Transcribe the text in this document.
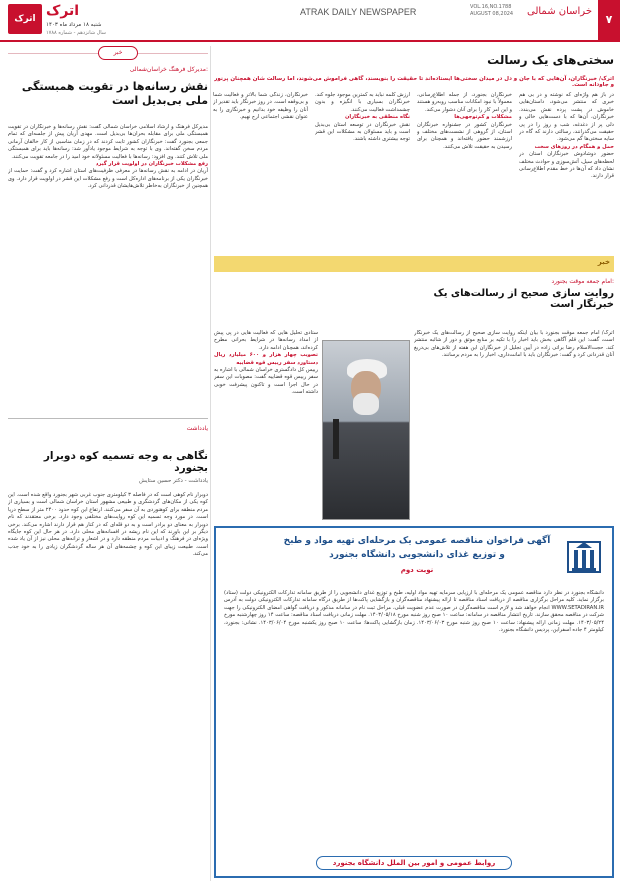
۷
خراسان شمالی
VOL.16,NO.1788
AUGUST 08,2024
ATRAK DAILY NEWSPAPER
اترک اترک
شنبه ۱۸ مرداد ماه ۱۴۰۳
سال شانزدهم - شماره ۱۷۸۸
خبر
مدیرکل فرهنگ خراسان‌شمالی:
نقش رسانه‌ها در تقویت همبستگی ملی بی‌بدیل است

مدیرکل فرهنگ و ارشاد اسلامی خراسان شمالی گفت: نقش رسانه‌ها و خبرنگاران در تقویت همبستگی ملی برای مقابله بحران‌ها بی‌بدیل است. مهدی آریان پیش از جلسه‌ای که تمام جمعی بجنورد گفت: خبرنگاران کشور ثابت کردند که در زمان مناسبی از کار خالقان آرمانی مردم سخن گفته‌اند. وی با توجه به شرایط موجود یادآور شد: رسانه‌ها باید برای همبستگی ملی تلاش کنند. وی افزود: رسانه‌ها با فعالیت مسئولانه خود امید را در جامعه تقویت می‌کنند.

رفع مشکلات خبرنگاران در اولویت قرار گیرد

آریان در ادامه به نقش رسانه‌ها در معرفی ظرفیت‌های استان اشاره کرد و گفت: حمایت از خبرنگاران یکی از برنامه‌های اداره‌کل است و رفع مشکلات این قشر در اولویت قرار دارد. وی همچنین از خبرنگاران به‌خاطر تلاش‌هایشان قدردانی کرد.

یادداشت
نگاهی به وجه تسمیه کوه دوبرار بجنورد
یادداشت - دکتر حسین ستایش

دوبرار نام کوهی است که در فاصله ۳ کیلومتری جنوب غربی شهر بجنورد واقع شده است. این کوه یکی از مکان‌های گردشگری و طبیعی مشهور استان خراسان شمالی است و بسیاری از مردم منطقه برای کوهنوردی به آن سفر می‌کنند. ارتفاع این کوه حدود ۲۴۰۰ متر از سطح دریا است. در مورد وجه تسمیه این کوه روایت‌های مختلفی وجود دارد. برخی معتقدند که نام دوبرار به معنای دو برادر است و به دو قله‌ای که در کنار هم قرار دارند اشاره می‌کند. برخی دیگر بر این باورند که این نام ریشه در افسانه‌های محلی دارد. در هر حال این کوه جایگاه ویژه‌ای در فرهنگ و ادبیات مردم منطقه دارد و در اشعار و ترانه‌های محلی نیز از آن یاد شده است. طبیعت زیبای این کوه و چشمه‌های آن هر ساله گردشگران زیادی را به خود جذب می‌کند.

سختی‌های یک رسالت
اترک/ خبرنگاران، آن‌هایی که با جان و دل در میدان سختی‌ها ایستاده‌اند تا حقیقت را بنویسند، گاهی فراموش می‌شوند، اما رسالت شان همچنان پرنور و جاودانه است.

در باز هم واژه‌ای که نوشته و در بی هم خبری که منتشر می‌شود، داستان‌هایی خاموش در پشت پرده نقش می‌بندد. خبرنگاران، آن‌ها که با دست‌هایی خالی و دلی پر از دغدغه، شب و روز را در پی حقیقت می‌گذرانند، رسالتی دارند که گاه در سایه سختی‌ها گم می‌شود.

حمل و همگام در روزهای سخت

حضور دوشادوش خبرنگاران استان در لحظه‌های سیل، آتش‌سوزی و حوادث مختلف نشان داد که آن‌ها در خط مقدم اطلاع‌رسانی قرار دارند.

خبرنگاران بجنورد، از جمله اطلاع‌رسانی، معمولاً با نبود امکانات مناسب روبه‌رو هستند و این امر کار را برای آنان دشوار می‌کند.

مشکلات و کم‌توجهی‌ها

خبرنگاران کشور در جشنواره خبرنگاران استان، از گروهی از نشست‌های مختلف و ارزشمند حضور یافته‌اند و همچنان برای رسیدن به حقیقت تلاش می‌کنند.

ارزش کلمه نباید به کمترین موجود جلوه کند. خبرنگاران بسیاری با انگیزه و بدون چشمداشت فعالیت می‌کنند.

نگاه منطقی به خبرنگاران

نقش خبرنگاران در توسعه استان بی‌بدیل است و باید مسئولان به مشکلات این قشر توجه بیشتری داشته باشند.

خبرنگاران، زندگی شما بالاتر و فعالیت شما و بی‌وقفه است. در روز خبرنگار باید تقدیر از آنان را وظیفه خود بدانیم و خبرنگاری را به عنوان نقشی اجتماعی ارج نهیم.

خبر
امام جمعه موقت بجنورد:
روایت سازی صحیح از رسالت‌های یک خبرنگار است

اترک/ امام جمعه موقت بجنورد با بیان اینکه روایت سازی صحیح از رسالت‌های یک خبرنگار است، گفت: این قلم آگاهی بخش باید اخبار را با تکیه بر منابع موثق و دور از شائبه منتشر کند. حجت‌الاسلام رضا براتی زاده در آیین تجلیل از خبرنگاران این هفته از تلاش‌های بی‌دریغ آنان قدردانی کرد و گفت: خبرنگاران باید با امانت‌داری، اخبار را به مردم برسانند.

ستادی تحلیل هایی که فعالیت هایی در پی پیش از امداد رسانه‌ها در شرایط بحرانی مطرح کرده‌اند، همچنان ادامه دارد.

تصویب چهار هزار و ۶۰۰ میلیارد ریال دستاورد سفر رییس قوه قضاییه

رییس کل دادگستری خراسان شمالی با اشاره به سفر رییس قوه قضاییه گفت: مصوبات این سفر در حال اجرا است و تاکنون پیشرفت خوبی داشته است.

آگهی فراخوان مناقصه عمومی یک مرحله‌ای تهیه مواد و طبخ
و توزیع غذای دانشجویی دانشگاه بجنورد
نوبت دوم

دانشگاه بجنورد در نظر دارد مناقصه عمومی یک مرحله‌ای با ارزیابی سرمایه تهیه مواد اولیه، طبخ و توزیع غذای دانشجویی را از طریق سامانه تدارکات الکترونیکی دولت (ستاد) برگزار نماید. کلیه مراحل برگزاری مناقصه از دریافت اسناد مناقصه تا ارائه پیشنهاد مناقصه‌گران و بازگشایی پاکت‌ها از طریق درگاه سامانه تدارکات الکترونیکی دولت به آدرس WWW.SETADIRAN.IR انجام خواهد شد و لازم است مناقصه‌گران در صورت عدم عضویت قبلی، مراحل ثبت نام در سامانه مذکور و دریافت گواهی امضای الکترونیکی را جهت شرکت در مناقصه محقق سازند. تاریخ انتشار مناقصه در سامانه: ساعت ۱۰ صبح روز شنبه مورخ ۱۴۰۳/۰۵/۱۸. مهلت زمانی دریافت اسناد مناقصه: ساعت ۱۴ روز چهارشنبه مورخ ۱۴۰۳/۰۵/۲۴. مهلت زمانی ارائه پیشنهاد: ساعت ۱۰ صبح روز شنبه مورخ ۱۴۰۳/۰۶/۰۳. زمان بازگشایی پاکت‌ها: ساعت ۱۰ صبح روز یکشنبه مورخ ۱۴۰۳/۰۶/۰۴. نشانی: بجنورد، کیلومتر ۴ جاده اسفراین، پردیس دانشگاه بجنورد.

روابط عمومی و امور بین الملل دانشگاه بجنورد
